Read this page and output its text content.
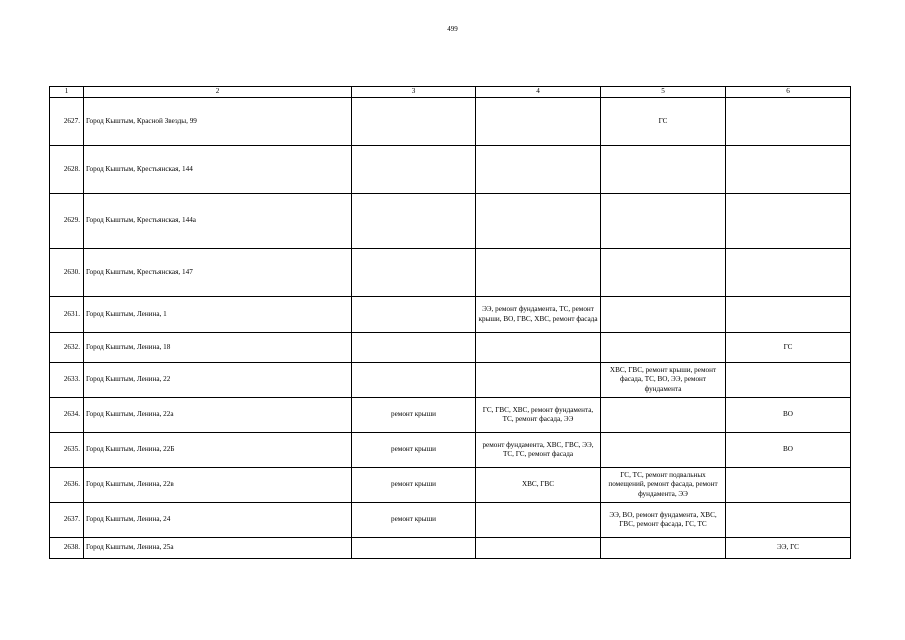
499
1	2	3	4	5	6
2627.	Город Кыштым, Красной Звезды, 99			ГС	
2628.	Город Кыштым, Крестьянская, 144				
2629.	Город Кыштым, Крестьянская, 144а				
2630.	Город Кыштым, Крестьянская, 147				
2631.	Город Кыштым, Ленина, 1		ЭЭ, ремонт фундамента, ТС, ремонт крыши, ВО, ГВС, ХВС, ремонт фасада		
2632.	Город Кыштым, Ленина, 18				ГС
2633.	Город Кыштым, Ленина, 22			ХВС, ГВС, ремонт крыши, ремонт фасада, ТС, ВО, ЭЭ, ремонт фундамента	
2634.	Город Кыштым, Ленина, 22а	ремонт крыши	ГС, ГВС, ХВС, ремонт фундамента, ТС, ремонт фасада, ЭЭ		ВО
2635.	Город Кыштым, Ленина, 22Б	ремонт крыши	ремонт фундамента, ХВС, ГВС, ЭЭ, ТС, ГС, ремонт фасада		ВО
2636.	Город Кыштым, Ленина, 22в	ремонт крыши	ХВС, ГВС	ГС, ТС, ремонт подвальных помещений, ремонт фасада, ремонт фундамента, ЭЭ	
2637.	Город Кыштым, Ленина, 24	ремонт крыши		ЭЭ, ВО, ремонт фундамента, ХВС, ГВС, ремонт фасада, ГС, ТС	
2638.	Город Кыштым, Ленина, 25а				ЭЭ, ГС
